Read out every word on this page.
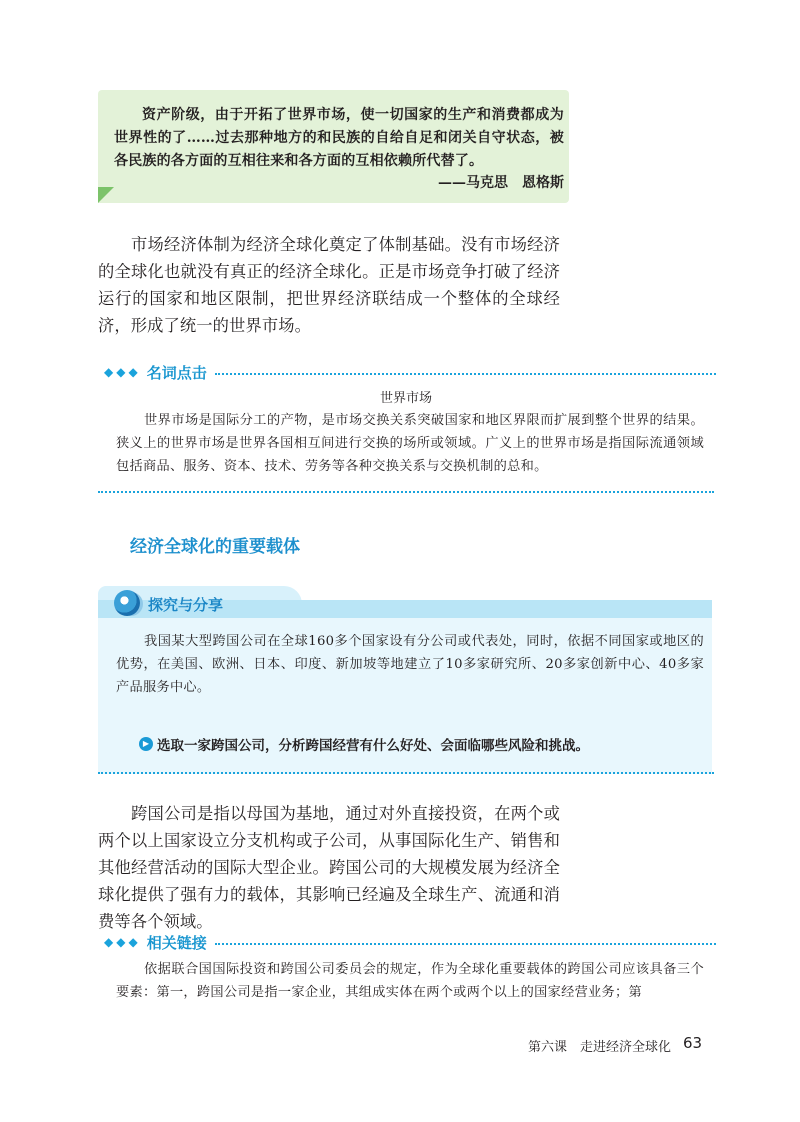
资产阶级，由于开拓了世界市场，使一切国家的生产和消费都成为世界性的了……过去那种地方的和民族的自给自足和闭关自守状态，被各民族的各方面的互相往来和各方面的互相依赖所代替了。
——马克思　恩格斯
市场经济体制为经济全球化奠定了体制基础。没有市场经济的全球化也就没有真正的经济全球化。正是市场竞争打破了经济运行的国家和地区限制，把世界经济联结成一个整体的全球经济，形成了统一的世界市场。
◆◆◆ 名词点击
世界市场
世界市场是国际分工的产物，是市场交换关系突破国家和地区界限而扩展到整个世界的结果。狭义上的世界市场是世界各国相互间进行交换的场所或领域。广义上的世界市场是指国际流通领域包括商品、服务、资本、技术、劳务等各种交换关系与交换机制的总和。
经济全球化的重要载体
探究与分享
我国某大型跨国公司在全球160多个国家设有分公司或代表处，同时，依据不同国家或地区的优势，在美国、欧洲、日本、印度、新加坡等地建立了10多家研究所、20多家创新中心、40多家产品服务中心。
▶ 选取一家跨国公司，分析跨国经营有什么好处、会面临哪些风险和挑战。
跨国公司是指以母国为基地，通过对外直接投资，在两个或两个以上国家设立分支机构或子公司，从事国际化生产、销售和其他经营活动的国际大型企业。跨国公司的大规模发展为经济全球化提供了强有力的载体，其影响已经遍及全球生产、流通和消费等各个领域。
◆◆◆ 相关链接
依据联合国国际投资和跨国公司委员会的规定，作为全球化重要载体的跨国公司应该具备三个要素：第一，跨国公司是指一家企业，其组成实体在两个或两个以上的国家经营业务；第
第六课　走进经济全球化 63
